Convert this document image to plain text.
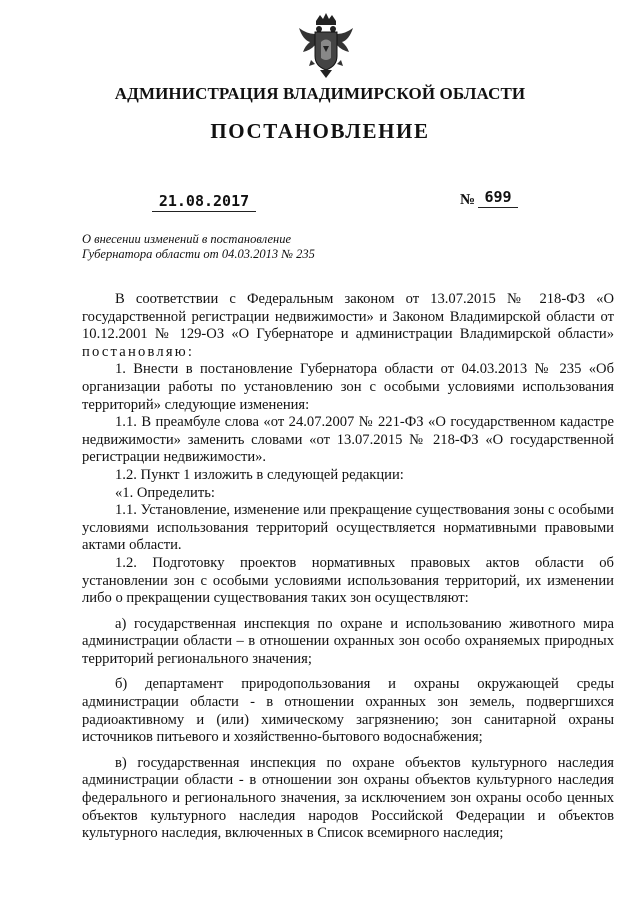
АДМИНИСТРАЦИЯ ВЛАДИМИРСКОЙ ОБЛАСТИ
ПОСТАНОВЛЕНИЕ
21.08.2017	№ 699
О внесении изменений в постановление
Губернатора области от 04.03.2013 № 235

В соответствии с Федеральным законом от 13.07.2015 № 218-ФЗ «О государственной регистрации недвижимости» и Законом Владимирской области от 10.12.2001 № 129-ОЗ «О Губернаторе и администрации Владимирской области» постановляю:

1. Внести в постановление Губернатора области от 04.03.2013 № 235 «Об организации работы по установлению зон с особыми условиями использования территорий» следующие изменения:

1.1. В преамбуле слова «от 24.07.2007 № 221-ФЗ «О государственном кадастре недвижимости» заменить словами «от 13.07.2015 № 218-ФЗ «О государственной регистрации недвижимости».

1.2. Пункт 1 изложить в следующей редакции:

«1. Определить:

1.1. Установление, изменение или прекращение существования зоны с особыми условиями использования территорий осуществляется нормативными правовыми актами области.

1.2. Подготовку проектов нормативных правовых актов области об установлении зон с особыми условиями использования территорий, их изменении либо о прекращении существования таких зон осуществляют:

а) государственная инспекция по охране и использованию животного мира администрации области – в отношении охранных зон особо охраняемых природных территорий регионального значения;

б) департамент природопользования и охраны окружающей среды администрации области - в отношении охранных зон земель, подвергшихся радиоактивному и (или) химическому загрязнению; зон санитарной охраны источников питьевого и хозяйственно-бытового водоснабжения;

в) государственная инспекция по охране объектов культурного наследия администрации области - в отношении зон охраны объектов культурного наследия федерального и регионального значения, за исключением зон охраны особо ценных объектов культурного наследия народов Российской Федерации и объектов культурного наследия, включенных в Список всемирного наследия;
